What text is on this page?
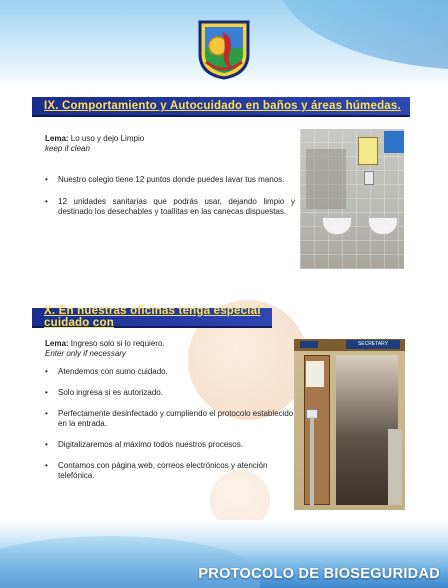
IX. Comportamiento y Autocuidado en baños y áreas húmedas.
Lema: Lo uso y dejo Limpio
keep it clean
• Nuestro colegio tiene 12 puntos donde puedes lavar tus manos.
• 12 unidades sanitarias que podrás usar, dejando limpio y destinado los desechables y toallitas en las canecas dispuestas.
X. En nuestras oficinas tenga especial cuidado con
Lema: Ingreso solo si lo requiero.
Enter only if necessary
• Atendemos con sumo cuidado.
• Solo ingresa si es autorizado.
• Perfectamente desinfectado y cumpliendo el protocolo establecido en la entrada.
• Digitalizaremos al máximo todos nuestros procesos.
• Contamos con página web, correos electrónicos y atención telefónica.
SECRETARY
PROTOCOLO DE BIOSEGURIDAD
